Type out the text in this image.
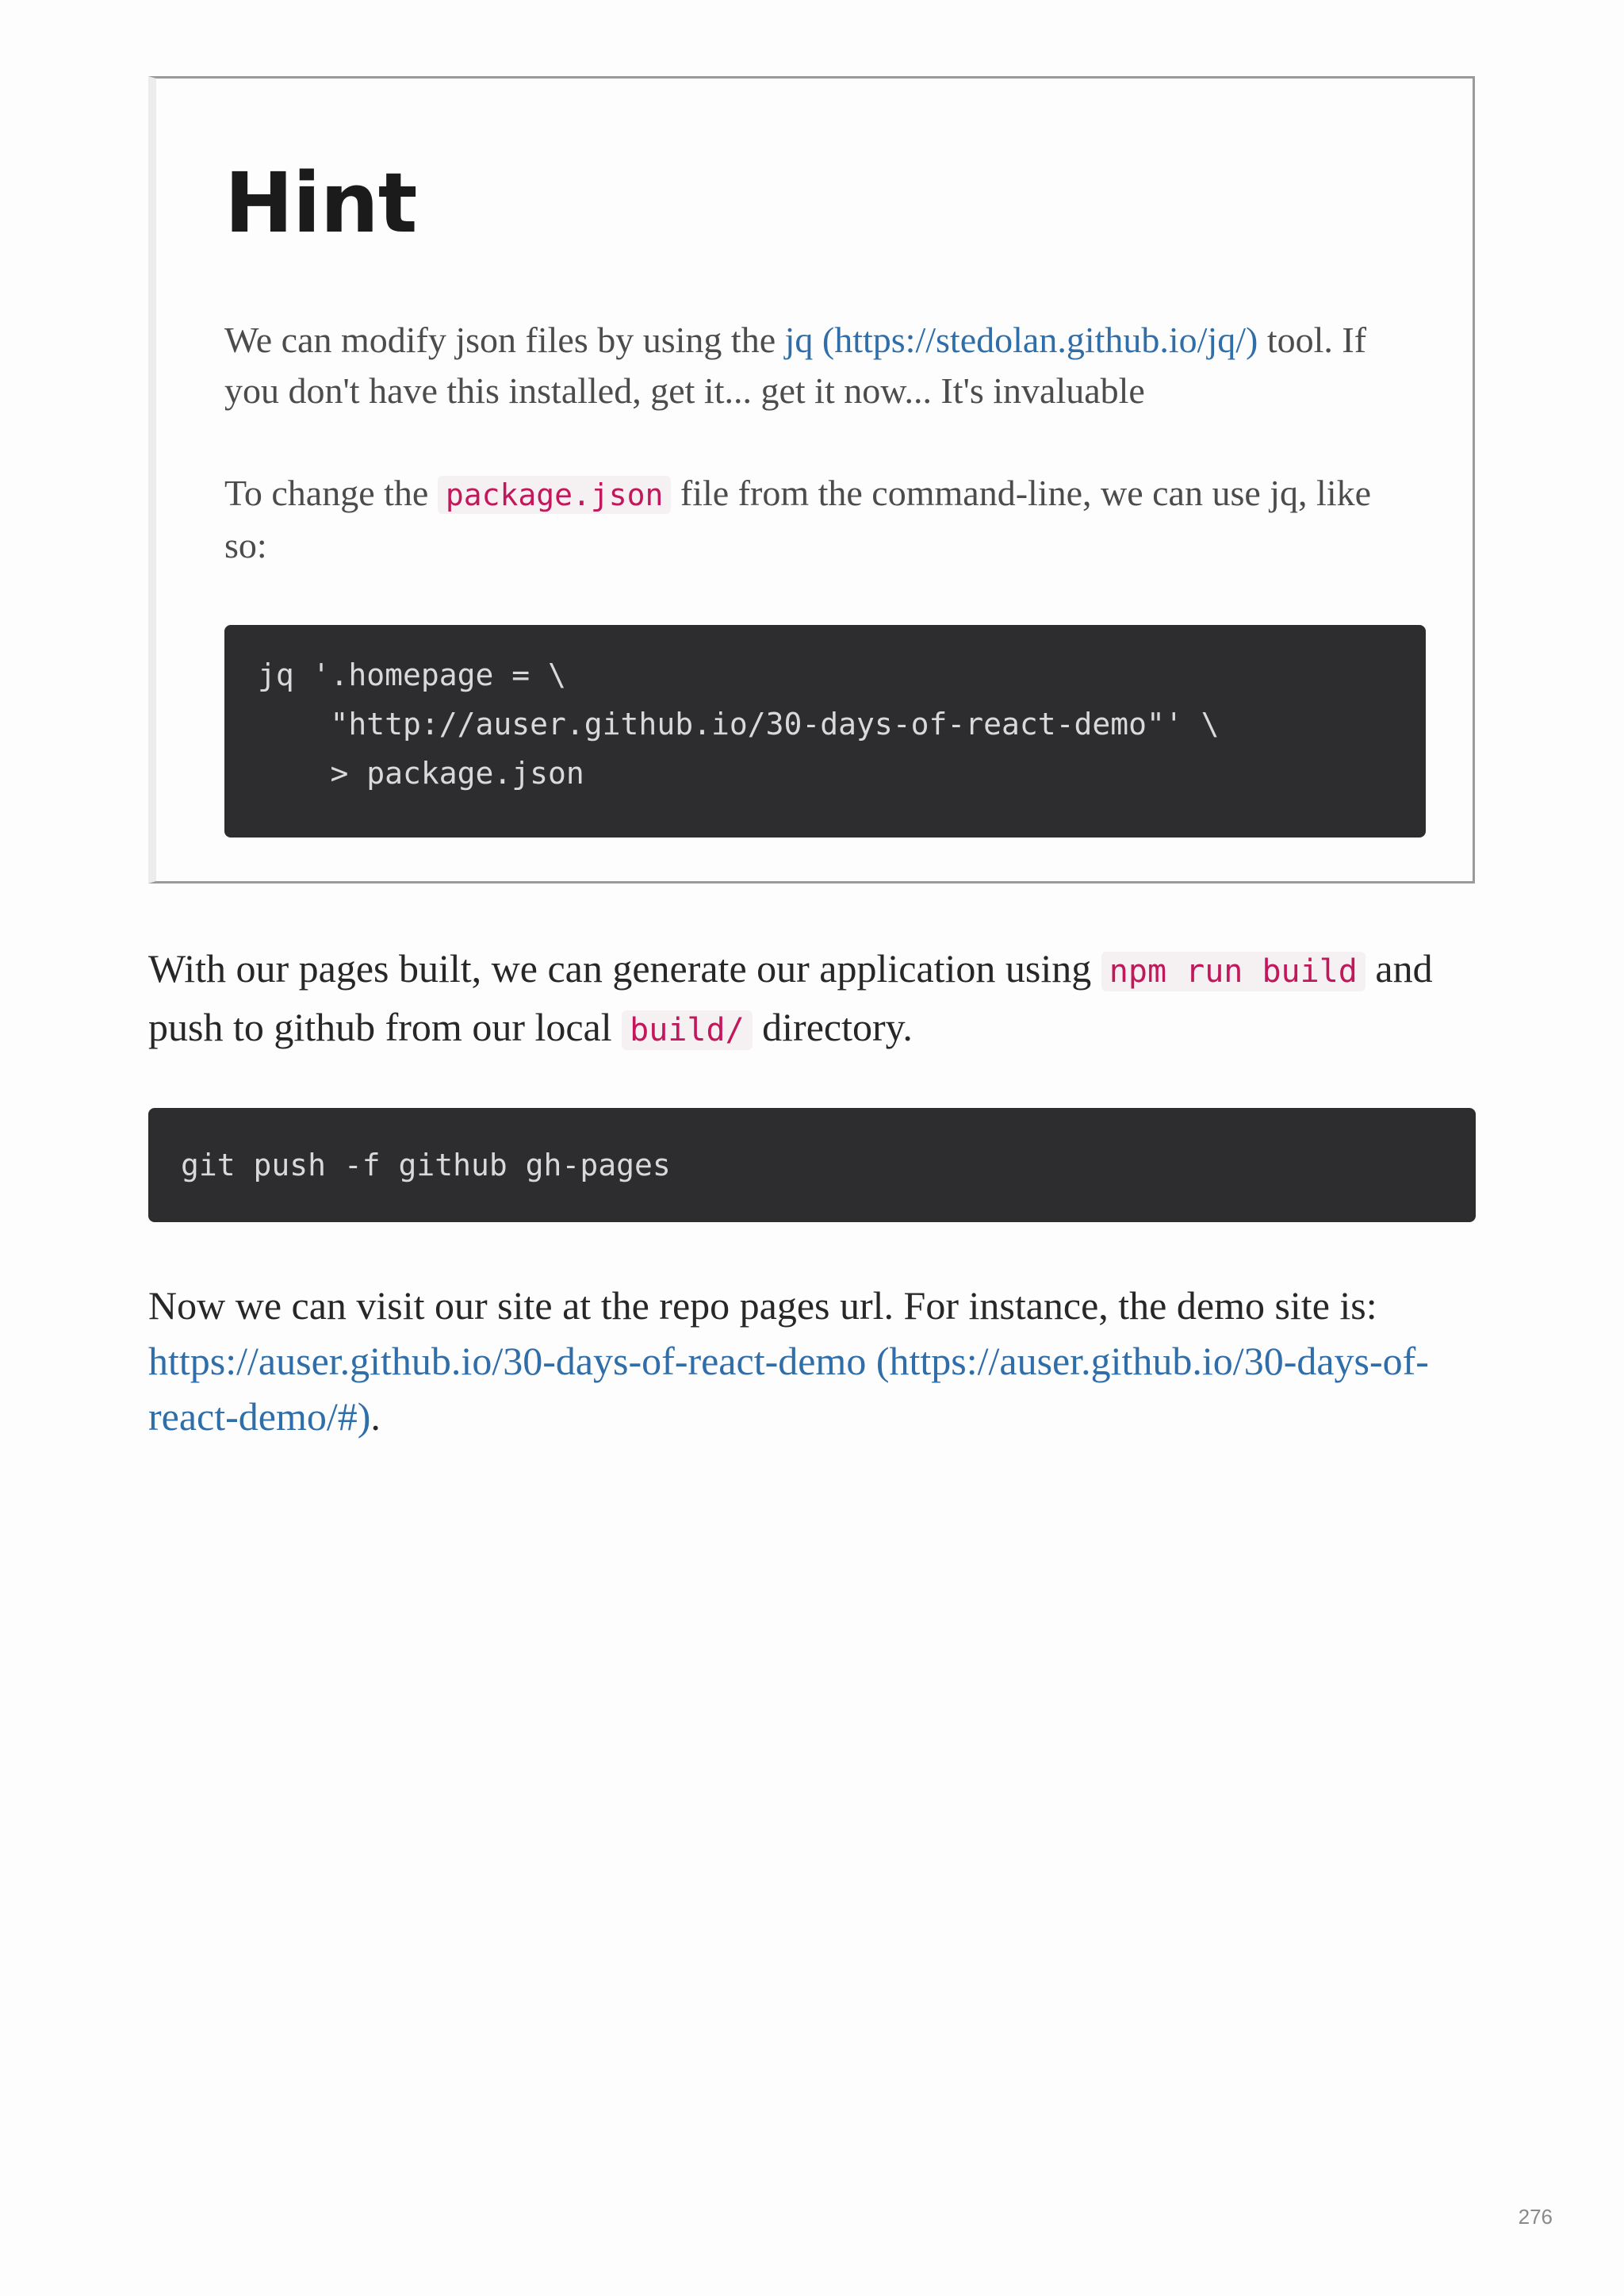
Hint

We can modify json files by using the jq (https://stedolan.github.io/jq/) tool. If you don't have this installed, get it... get it now... It's invaluable

To change the package.json file from the command-line, we can use jq, like so:

jq '.homepage = \
"http://auser.github.io/30-days-of-react-demo"' \
> package.json

With our pages built, we can generate our application using npm run build and push to github from our local build/ directory.

git push -f github gh-pages

Now we can visit our site at the repo pages url. For instance, the demo site is: https://auser.github.io/30-days-of-react-demo (https://auser.github.io/30-days-of-react-demo/#).

276
